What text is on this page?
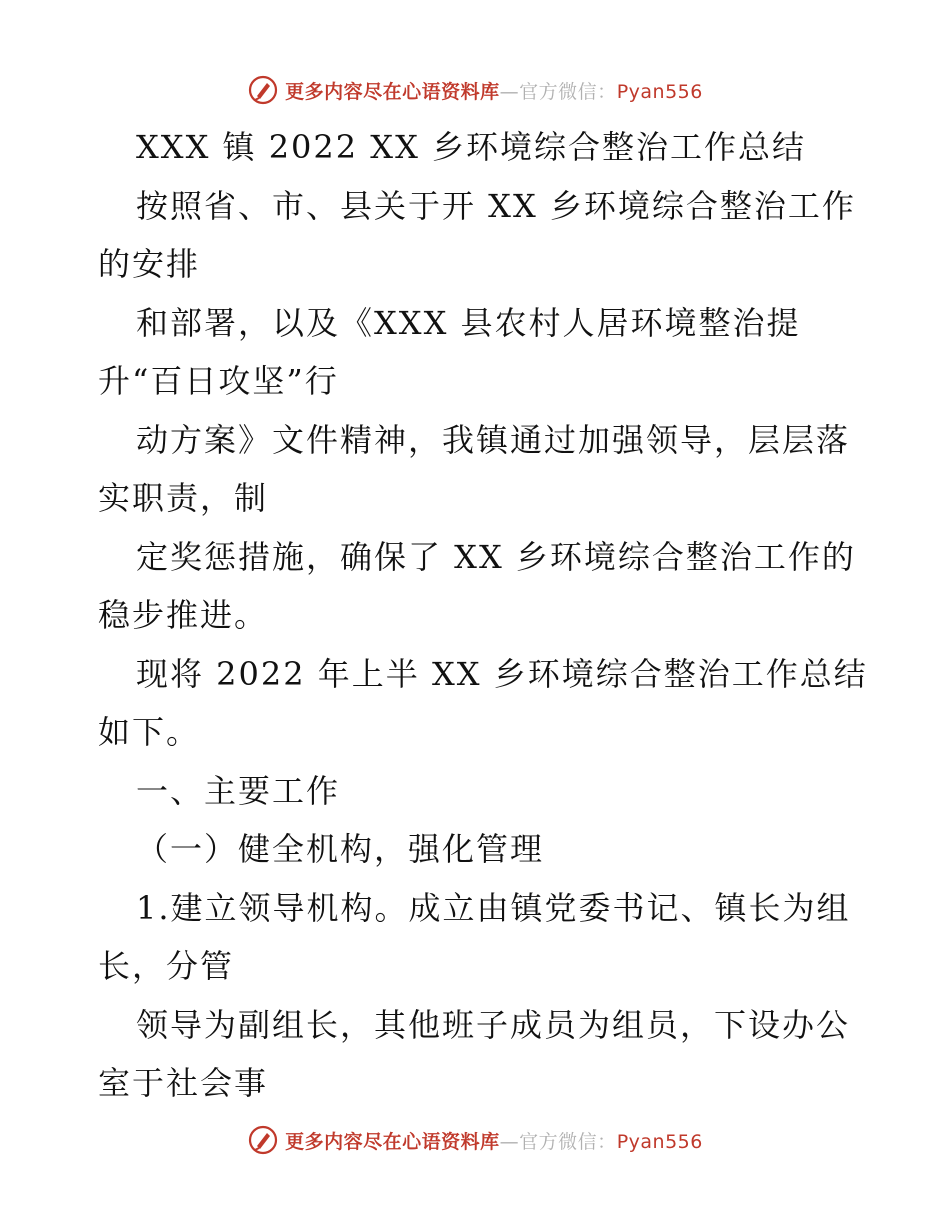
更多内容尽在心语资料库—官方微信：Pyan556
XXX 镇 2022 XX 乡环境综合整治工作总结
按照省、市、县关于开 XX 乡环境综合整治工作
的安排
和部署，以及《XXX 县农村人居环境整治提
升“百日攻坚”行
动方案》文件精神，我镇通过加强领导，层层落
实职责，制
定奖惩措施，确保了 XX 乡环境综合整治工作的
稳步推进。
现将 2022 年上半 XX 乡环境综合整治工作总结
如下。
一、主要工作
（一）健全机构，强化管理
1.建立领导机构。成立由镇党委书记、镇长为组
长，分管
领导为副组长，其他班子成员为组员，下设办公
室于社会事
更多内容尽在心语资料库—官方微信：Pyan556
